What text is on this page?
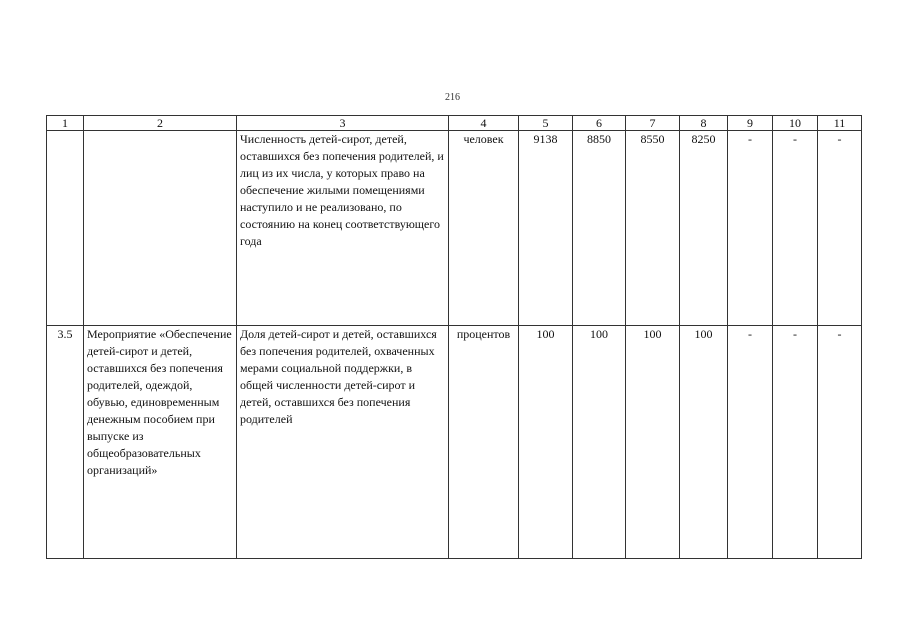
216
1	2	3	4	5	6	7	8	9	10	11
		Численность детей-сирот, детей, оставшихся без попечения родителей, и лиц из их числа, у которых право на обеспечение жилыми помещениями наступило и не реализовано, по состоянию на конец соответствующего года	человек	9138	8850	8550	8250	-	-	-
3.5	Мероприятие «Обеспечение детей-сирот и детей, оставшихся без попечения родителей, одеждой, обувью, единовременным денежным пособием при выпуске из общеобразовательных организаций»	Доля детей-сирот и детей, оставшихся без попечения родителей, охваченных мерами социальной поддержки, в общей численности детей-сирот и детей, оставшихся без попечения родителей	процентов	100	100	100	100	-	-	-
